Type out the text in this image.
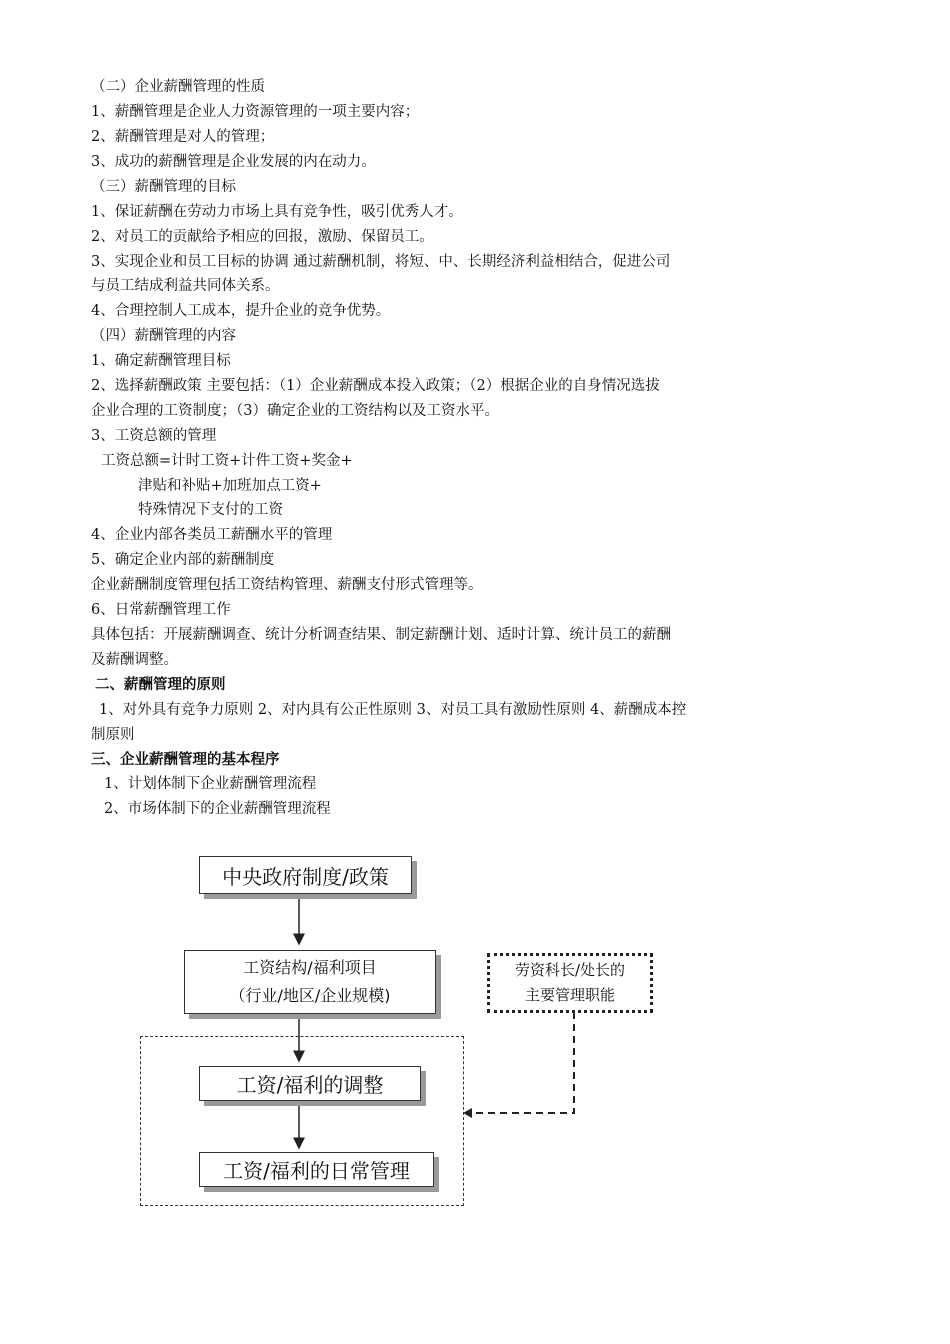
（二）企业薪酬管理的性质
1、薪酬管理是企业人力资源管理的一项主要内容；
2、薪酬管理是对人的管理；
3、成功的薪酬管理是企业发展的内在动力。
（三）薪酬管理的目标
1、保证薪酬在劳动力市场上具有竞争性，吸引优秀人才。
2、对员工的贡献给予相应的回报，激励、保留员工。
3、实现企业和员工目标的协调 通过薪酬机制，将短、中、长期经济利益相结合，促进公司
与员工结成利益共同体关系。
4、合理控制人工成本，提升企业的竞争优势。
（四）薪酬管理的内容
1、确定薪酬管理目标
2、选择薪酬政策 主要包括：（1）企业薪酬成本投入政策；（2）根据企业的自身情况选拔
企业合理的工资制度；（3）确定企业的工资结构以及工资水平。
3、工资总额的管理
工资总额=计时工资+计件工资+奖金+
津贴和补贴+加班加点工资+
特殊情况下支付的工资
4、企业内部各类员工薪酬水平的管理
5、确定企业内部的薪酬制度
企业薪酬制度管理包括工资结构管理、薪酬支付形式管理等。
6、日常薪酬管理工作
具体包括：开展薪酬调查、统计分析调查结果、制定薪酬计划、适时计算、统计员工的薪酬
及薪酬调整。
二、薪酬管理的原则
1、对外具有竞争力原则 2、对内具有公正性原则 3、对员工具有激励性原则 4、薪酬成本控
制原则
三、企业薪酬管理的基本程序
1、计划体制下企业薪酬管理流程
2、市场体制下的企业薪酬管理流程
中央政府制度/政策
工资结构/福利项目
（行业/地区/企业规模)
工资/福利的调整
工资/福利的日常管理
劳资科长/处长的
主要管理职能
